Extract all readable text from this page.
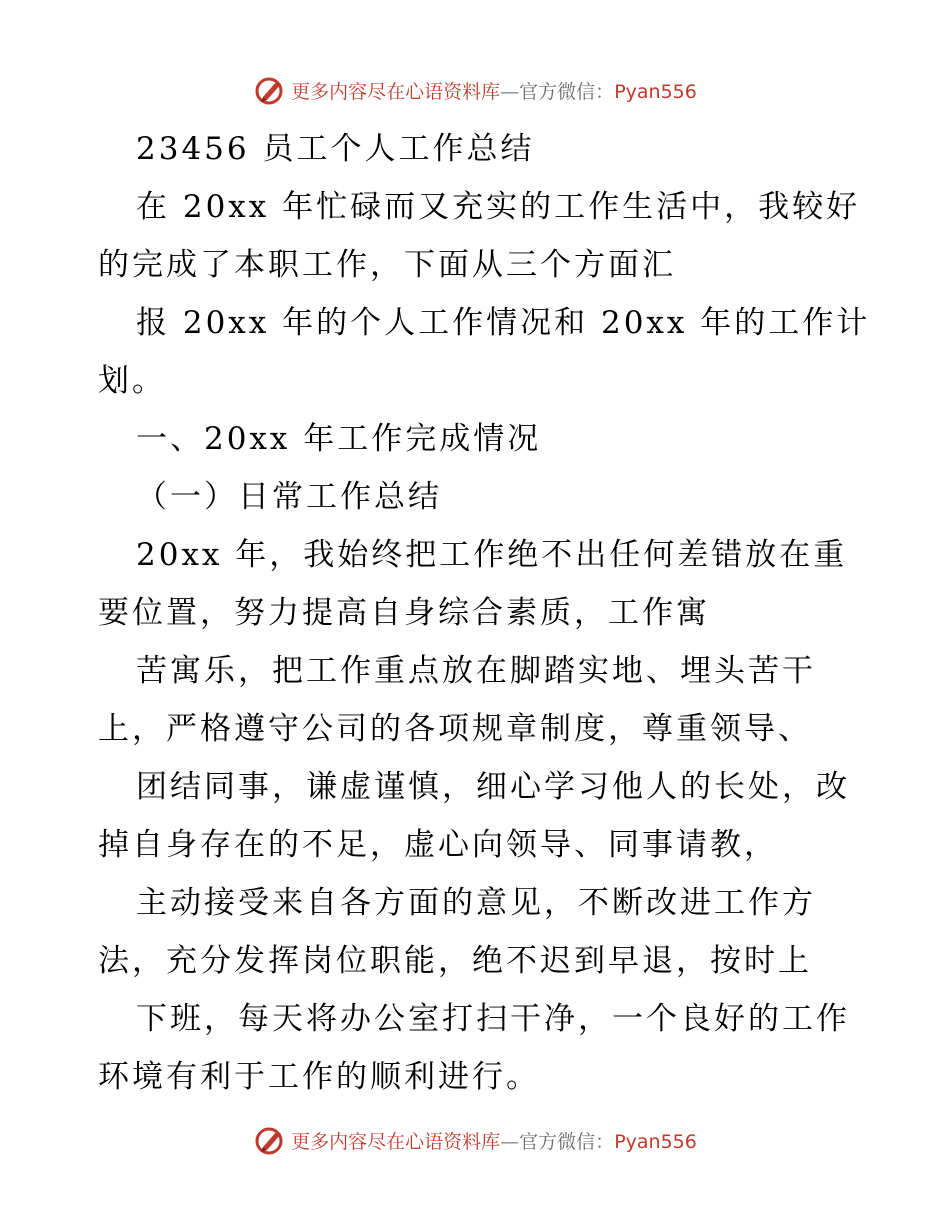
更多内容尽在心语资料库—官方微信：Pyan556
23456 员工个人工作总结
在 20xx 年忙碌而又充实的工作生活中，我较好
的完成了本职工作，下面从三个方面汇
报 20xx 年的个人工作情况和 20xx 年的工作计
划。
一、20xx 年工作完成情况
（一）日常工作总结
20xx 年，我始终把工作绝不出任何差错放在重
要位置，努力提高自身综合素质，工作寓
苦寓乐，把工作重点放在脚踏实地、埋头苦干
上，严格遵守公司的各项规章制度，尊重领导、
团结同事，谦虚谨慎，细心学习他人的长处，改
掉自身存在的不足，虚心向领导、同事请教，
主动接受来自各方面的意见，不断改进工作方
法，充分发挥岗位职能，绝不迟到早退，按时上
下班，每天将办公室打扫干净，一个良好的工作
环境有利于工作的顺利进行。
更多内容尽在心语资料库—官方微信：Pyan556
